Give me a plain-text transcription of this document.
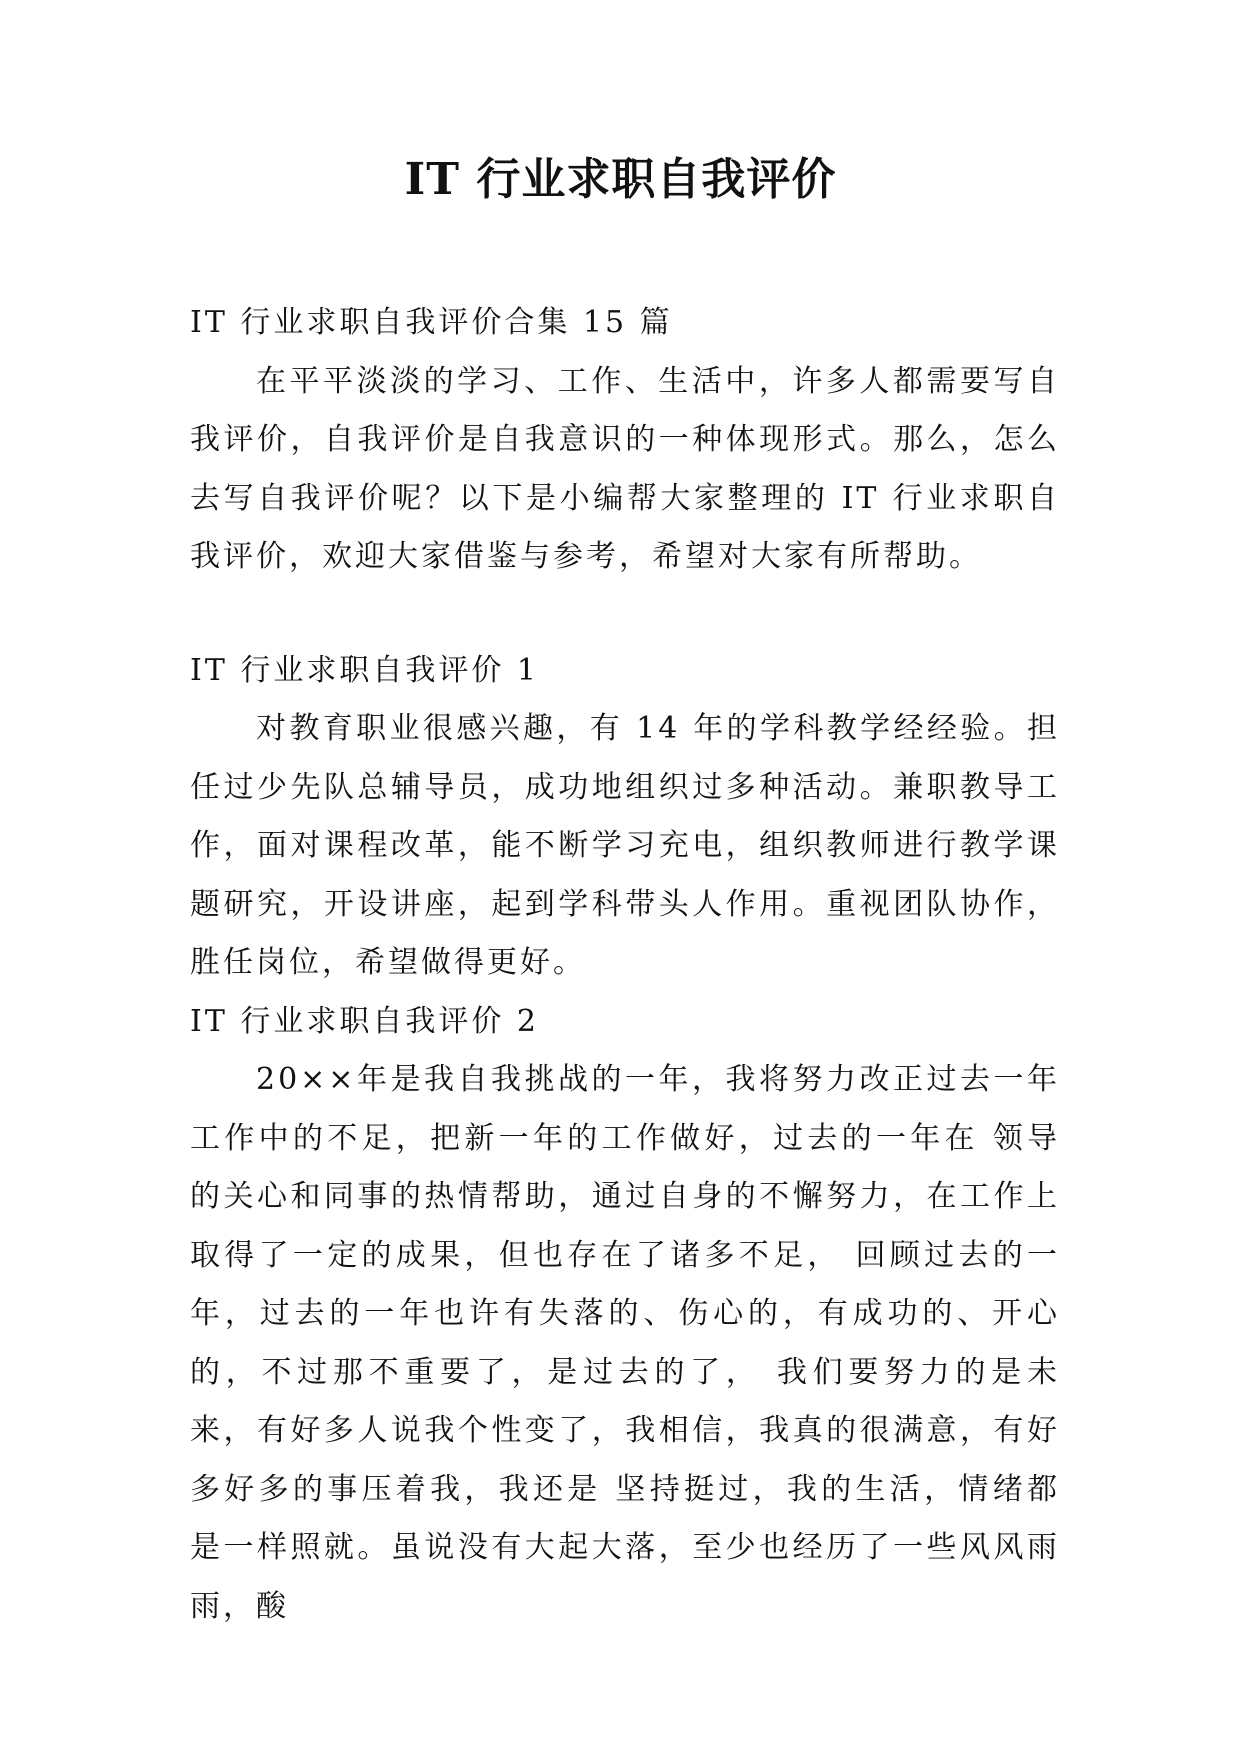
IT 行业求职自我评价

IT 行业求职自我评价合集 15 篇

在平平淡淡的学习、工作、生活中，许多人都需要写自我评价，自我评价是自我意识的一种体现形式。那么，怎么去写自我评价呢？以下是小编帮大家整理的 IT 行业求职自我评价，欢迎大家借鉴与参考，希望对大家有所帮助。

IT 行业求职自我评价 1

对教育职业很感兴趣，有 14 年的学科教学经经验。担任过少先队总辅导员，成功地组织过多种活动。兼职教导工作，面对课程改革，能不断学习充电，组织教师进行教学课题研究，开设讲座，起到学科带头人作用。重视团队协作，胜任岗位，希望做得更好。

IT 行业求职自我评价 2

20××年是我自我挑战的一年，我将努力改正过去一年工作中的不足，把新一年的工作做好，过去的一年在 领导的关心和同事的热情帮助，通过自身的不懈努力，在工作上取得了一定的成果，但也存在了诸多不足， 回顾过去的一年，过去的一年也许有失落的、伤心的，有成功的、开心的，不过那不重要了，是过去的了， 我们要努力的是未来，有好多人说我个性变了，我相信，我真的很满意，有好多好多的事压着我，我还是 坚持挺过，我的生活，情绪都是一样照就。虽说没有大起大落，至少也经历了一些风风雨雨，酸
